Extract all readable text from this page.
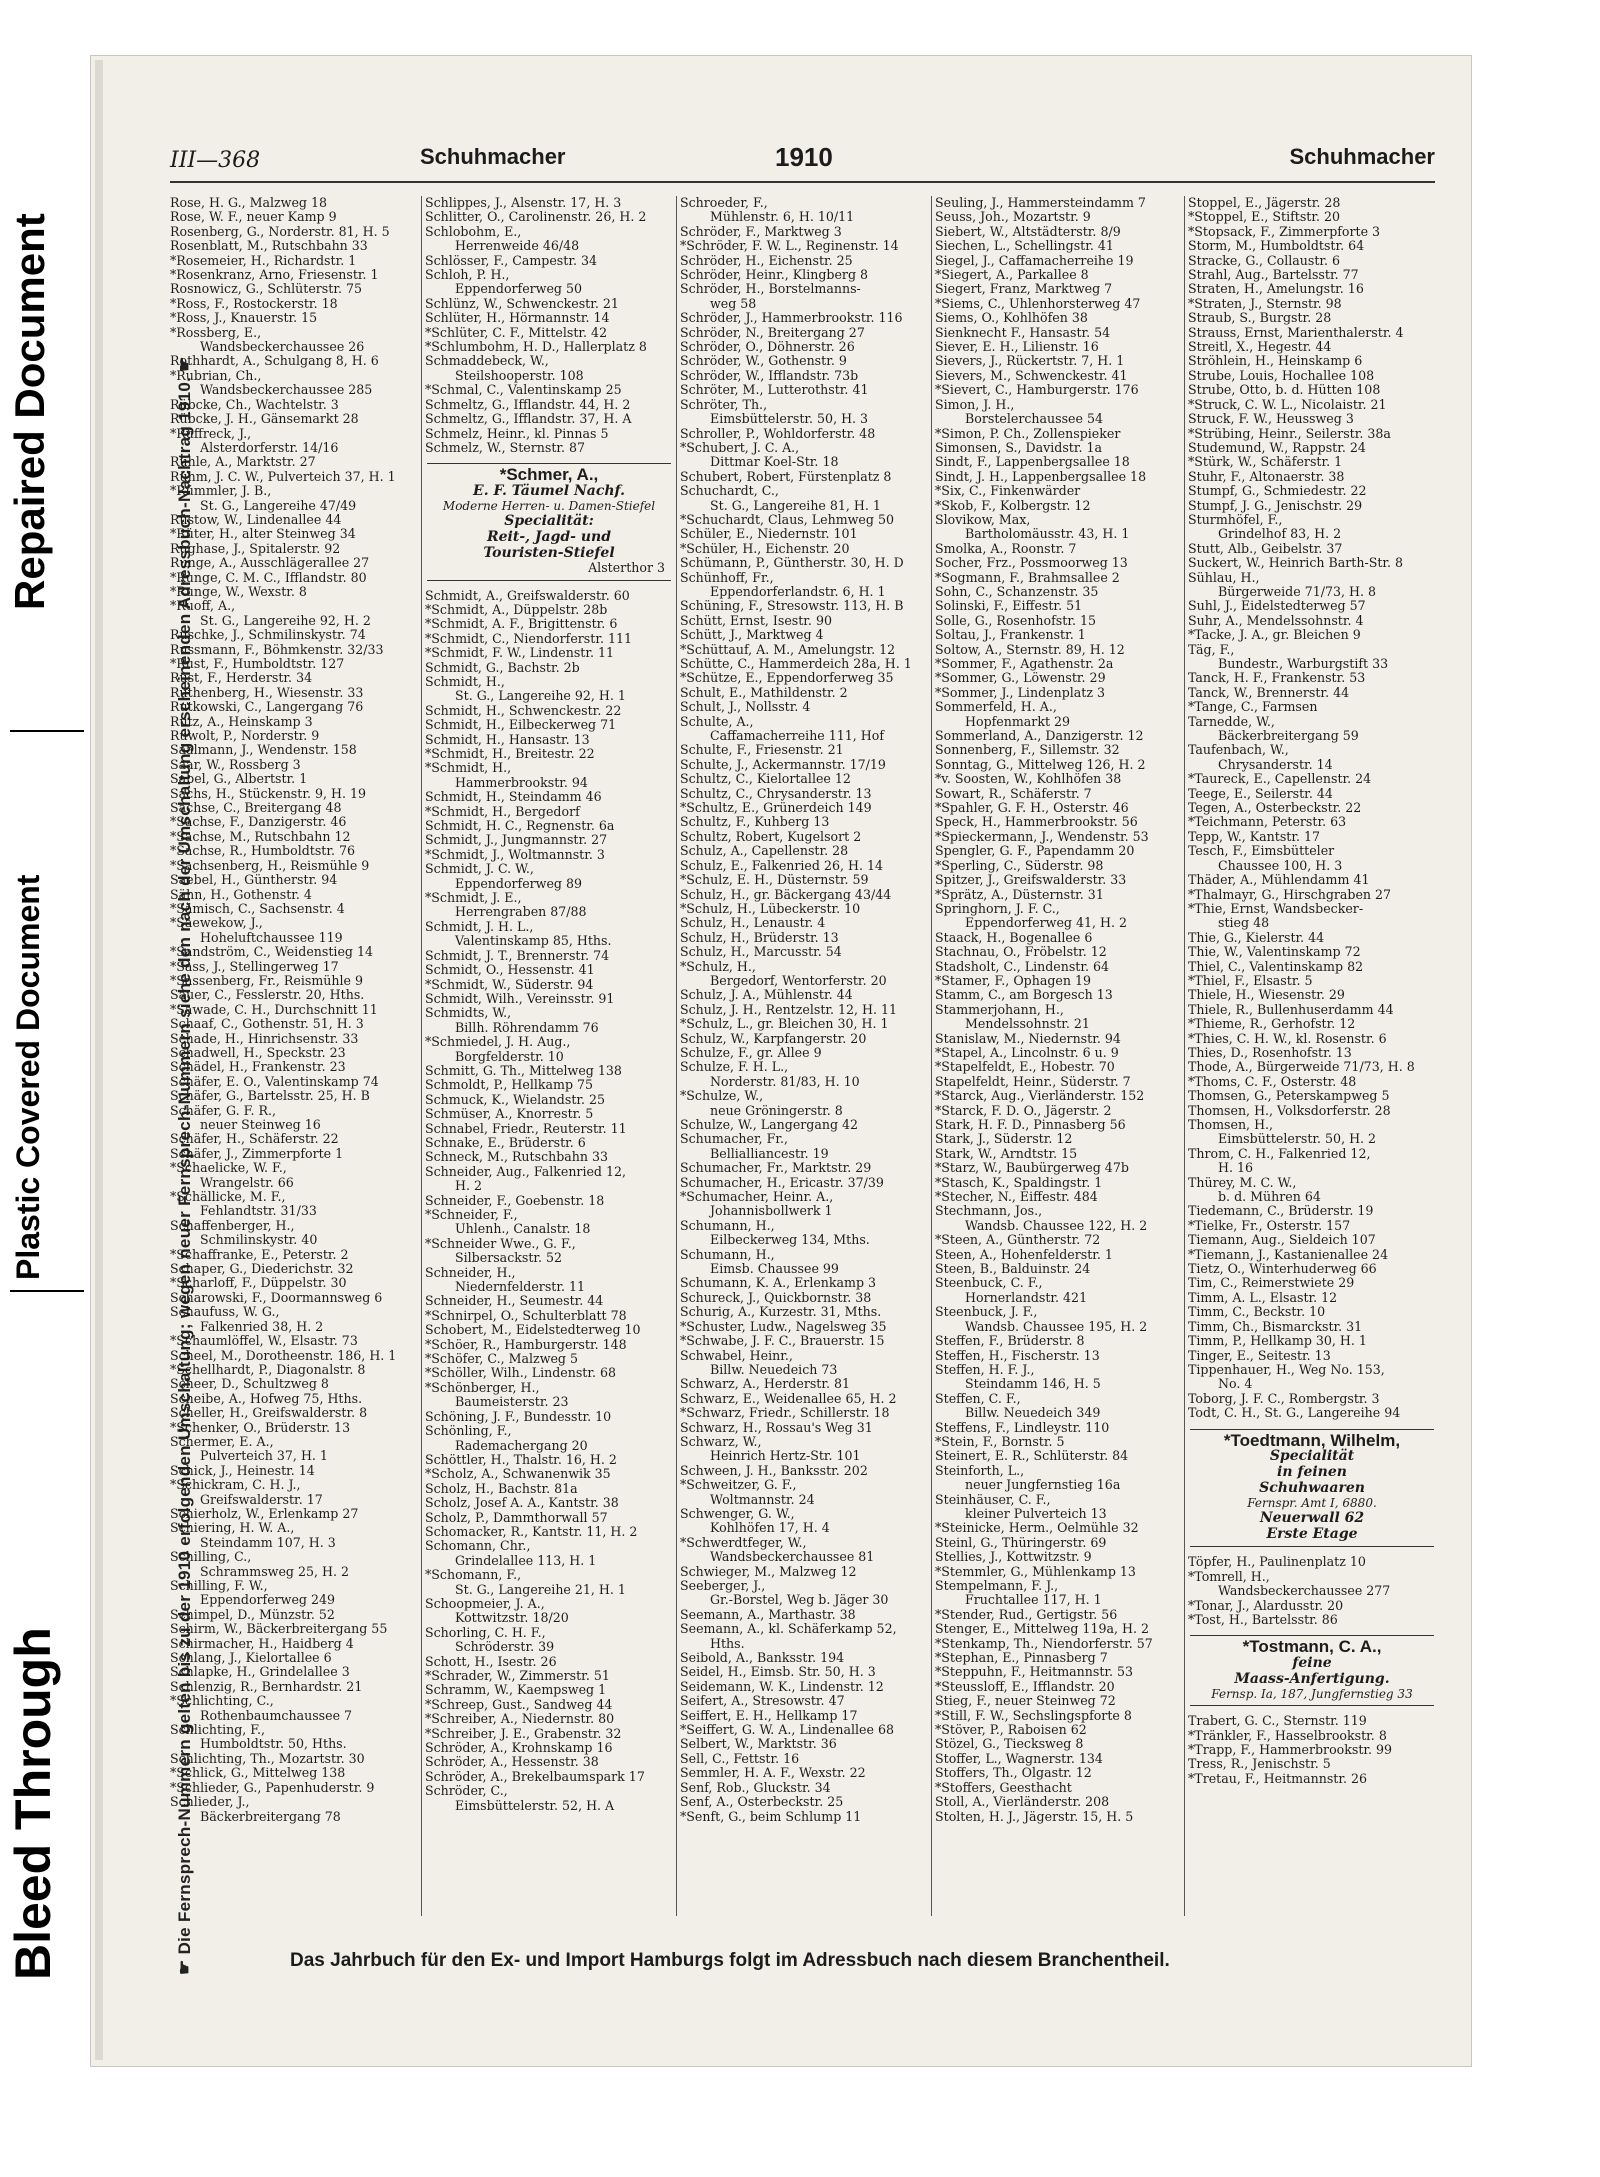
Repaired Document
Plastic Covered Document
Bleed Through	☛ Die Fernsprech-Nummern gelten bis zu der 1910 erfolgenden Umschaltung; wegen neuer Fernsprech-Nummern siehe den nach der Umschaltung erscheinenden Adressbuch-Nachtrag 1910. ☛
III—368	Schuhmacher	1910	Schuhmacher
Rose, H. G., Malzweg 18
Rose, W. F., neuer Kamp 9
Rosenberg, G., Norderstr. 81, H. 5
Rosenblatt, M., Rutschbahn 33
*Rosemeier, H., Richardstr. 1
*Rosenkranz, Arno, Friesenstr. 1
Rosnowicz, G., Schlüterstr. 75
*Ross, F., Rostockerstr. 18
*Ross, J., Knauerstr. 15
*Rossberg, E.,
Wandsbeckerchaussee 26
Rothhardt, A., Schulgang 8, H. 6
*Rubrian, Ch.,
Wandsbeckerchaussee 285
Rübcke, Ch., Wachtelstr. 3
Rübcke, J. H., Gänsemarkt 28
*Rüffreck, J.,
Alsterdorferstr. 14/16
Rühle, A., Marktstr. 27
Rühm, J. C. W., Pulverteich 37, H. 1
*Rümmler, J. B.,
St. G., Langereihe 47/49
Rüstow, W., Lindenallee 44
*Rüter, H., alter Steinweg 34
Rughase, J., Spitalerstr. 92
Runge, A., Ausschlägerallee 27
*Runge, C. M. C., Ifflandstr. 80
*Runge, W., Wexstr. 8
*Ruoff, A.,
St. G., Langereihe 92, H. 2
Ruschke, J., Schmilinskystr. 74
Russmann, F., Böhmkenstr. 32/33
*Rust, F., Humboldtstr. 127
Rust, F., Herderstr. 34
Ruthenberg, H., Wiesenstr. 33
Rutkowski, C., Langergang 76
Rutz, A., Heinskamp 3
Ruwolt, P., Norderstr. 9
Saalmann, J., Wendenstr. 158
Saar, W., Rossberg 3
Sabel, G., Albertstr. 1
Sachs, H., Stückenstr. 9, H. 19
Sachse, C., Breitergang 48
*Sachse, F., Danzigerstr. 46
*Sachse, M., Rutschbahn 12
*Sachse, R., Humboldtstr. 76
*Sachsenberg, H., Reismühle 9
Saebel, H., Güntherstr. 94
Sähn, H., Gothenstr. 4
*Sämisch, C., Sachsenstr. 4
*Saewekow, J.,
Hoheluftchaussee 119
*Sandström, C., Weidenstieg 14
*Sass, J., Stellingerweg 17
*Sassenberg, Fr., Reismühle 9
Sauer, C., Fesslerstr. 20, Hths.
*Sawade, C. H., Durchschnitt 11
Schaaf, C., Gothenstr. 51, H. 3
Schade, H., Hinrichsenstr. 33
Schadwell, H., Speckstr. 23
Schädel, H., Frankenstr. 23
Schäfer, E. O., Valentinskamp 74
Schäfer, G., Bartelsstr. 25, H. B
Schäfer, G. F. R.,
neuer Steinweg 16
Schäfer, H., Schäferstr. 22
Schäfer, J., Zimmerpforte 1
*Schaelicke, W. F.,
Wrangelstr. 66
*Schällicke, M. F.,
Fehlandtstr. 31/33
Schaffenberger, H.,
Schmilinskystr. 40
*Schaffranke, E., Peterstr. 2
Schaper, G., Diederichstr. 32
*Scharloff, F., Düppelstr. 30
Scharowski, F., Doormannsweg 6
Schaufuss, W. G.,
Falkenried 38, H. 2
*Schaumlöffel, W., Elsastr. 73
Scheel, M., Dorotheenstr. 186, H. 1
*Schellhardt, P., Diagonalstr. 8
Scheer, D., Schultzweg 8
Scheibe, A., Hofweg 75, Hths.
Scheller, H., Greifswalderstr. 8
*Schenker, O., Brüderstr. 13
Schermer, E. A.,
Pulverteich 37, H. 1
Schick, J., Heinestr. 14
*Schickram, C. H. J.,
Greifswalderstr. 17
Schierholz, W., Erlenkamp 27
Schiering, H. W. A.,
Steindamm 107, H. 3
Schilling, C.,
Schrammsweg 25, H. 2
Schilling, F. W.,
Eppendorferweg 249
Schimpel, D., Münzstr. 52
Schirm, W., Bäckerbreitergang 55
Schirmacher, H., Haidberg 4
Schlang, J., Kielortallee 6
Schlapke, H., Grindelallee 3
Schlenzig, R., Bernhardstr. 21
*Schlichting, C.,
Rothenbaumchaussee 7
Schlichting, F.,
Humboldtstr. 50, Hths.
Schlichting, Th., Mozartstr. 30
*Schlick, G., Mittelweg 138
*Schlieder, G., Papenhuderstr. 9
Schlieder, J.,
Bäckerbreitergang 78
Schlippes, J., Alsenstr. 17, H. 3
Schlitter, O., Carolinenstr. 26, H. 2
Schlobohm, E.,
Herrenweide 46/48
Schlösser, F., Campestr. 34
Schloh, P. H.,
Eppendorferweg 50
Schlünz, W., Schwenckestr. 21
Schlüter, H., Hörmannstr. 14
*Schlüter, C. F., Mittelstr. 42
*Schlumbohm, H. D., Hallerplatz 8
Schmaddebeck, W.,
Steilshooperstr. 108
*Schmal, C., Valentinskamp 25
Schmeltz, G., Ifflandstr. 44, H. 2
Schmeltz, G., Ifflandstr. 37, H. A
Schmelz, Heinr., kl. Pinnas 5
Schmelz, W., Sternstr. 87
*Schmer, A.,
E. F. Täumel Nachf.
Moderne Herren- u. Damen-Stiefel
Specialität:
Reit-, Jagd- und
Touristen-Stiefel
Alsterthor 3
Schmidt, A., Greifswalderstr. 60
*Schmidt, A., Düppelstr. 28b
*Schmidt, A. F., Brigittenstr. 6
*Schmidt, C., Niendorferstr. 111
*Schmidt, F. W., Lindenstr. 11
Schmidt, G., Bachstr. 2b
Schmidt, H.,
St. G., Langereihe 92, H. 1
Schmidt, H., Schwenckestr. 22
Schmidt, H., Eilbeckerweg 71
Schmidt, H., Hansastr. 13
*Schmidt, H., Breitestr. 22
*Schmidt, H.,
Hammerbrookstr. 94
Schmidt, H., Steindamm 46
*Schmidt, H., Bergedorf
Schmidt, H. C., Regnenstr. 6a
Schmidt, J., Jungmannstr. 27
*Schmidt, J., Woltmannstr. 3
Schmidt, J. C. W.,
Eppendorferweg 89
*Schmidt, J. E.,
Herrengraben 87/88
Schmidt, J. H. L.,
Valentinskamp 85, Hths.
Schmidt, J. T., Brennerstr. 74
Schmidt, O., Hessenstr. 41
*Schmidt, W., Süderstr. 94
Schmidt, Wilh., Vereinsstr. 91
Schmidts, W.,
Billh. Röhrendamm 76
*Schmiedel, J. H. Aug.,
Borgfelderstr. 10
Schmitt, G. Th., Mittelweg 138
Schmoldt, P., Hellkamp 75
Schmuck, K., Wielandstr. 25
Schmüser, A., Knorrestr. 5
Schnabel, Friedr., Reuterstr. 11
Schnake, E., Brüderstr. 6
Schneck, M., Rutschbahn 33
Schneider, Aug., Falkenried 12,
H. 2
Schneider, F., Goebenstr. 18
*Schneider, F.,
Uhlenh., Canalstr. 18
*Schneider Wwe., G. F.,
Silbersackstr. 52
Schneider, H.,
Niedernfelderstr. 11
Schneider, H., Seumestr. 44
*Schnirpel, O., Schulterblatt 78
Schobert, M., Eidelstedterweg 10
*Schöer, R., Hamburgerstr. 148
*Schöfer, C., Malzweg 5
*Schöller, Wilh., Lindenstr. 68
*Schönberger, H.,
Baumeisterstr. 23
Schöning, J. F., Bundesstr. 10
Schönling, F.,
Rademachergang 20
Schöttler, H., Thalstr. 16, H. 2
*Scholz, A., Schwanenwik 35
Scholz, H., Bachstr. 81a
Scholz, Josef A. A., Kantstr. 38
Scholz, P., Dammthorwall 57
Schomacker, R., Kantstr. 11, H. 2
Schomann, Chr.,
Grindelallee 113, H. 1
*Schomann, F.,
St. G., Langereihe 21, H. 1
Schoopmeier, J. A.,
Kottwitzstr. 18/20
Schorling, C. H. F.,
Schröderstr. 39
Schott, H., Isestr. 26
*Schrader, W., Zimmerstr. 51
Schramm, W., Kaempsweg 1
*Schreep, Gust., Sandweg 44
*Schreiber, A., Niedernstr. 80
*Schreiber, J. E., Grabenstr. 32
Schröder, A., Krohnskamp 16
Schröder, A., Hessenstr. 38
Schröder, A., Brekelbaumspark 17
Schröder, C.,
Eimsbüttelerstr. 52, H. A
Schroeder, F.,
Mühlenstr. 6, H. 10/11
Schröder, F., Marktweg 3
*Schröder, F. W. L., Reginenstr. 14
Schröder, H., Eichenstr. 25
Schröder, Heinr., Klingberg 8
Schröder, H., Borstelmanns-
weg 58
Schröder, J., Hammerbrookstr. 116
Schröder, N., Breitergang 27
Schröder, O., Döhnerstr. 26
Schröder, W., Gothenstr. 9
Schröder, W., Ifflandstr. 73b
Schröter, M., Lutterothstr. 41
Schröter, Th.,
Eimsbüttelerstr. 50, H. 3
Schroller, P., Wohldorferstr. 48
*Schubert, J. C. A.,
Dittmar Koel-Str. 18
Schubert, Robert, Fürstenplatz 8
Schuchardt, C.,
St. G., Langereihe 81, H. 1
*Schuchardt, Claus, Lehmweg 50
Schüler, E., Niedernstr. 101
*Schüler, H., Eichenstr. 20
Schümann, P., Güntherstr. 30, H. D
Schünhoff, Fr.,
Eppendorferlandstr. 6, H. 1
Schüning, F., Stresowstr. 113, H. B
Schütt, Ernst, Isestr. 90
Schütt, J., Marktweg 4
*Schüttauf, A. M., Amelungstr. 12
Schütte, C., Hammerdeich 28a, H. 1
*Schütze, E., Eppendorferweg 35
Schult, E., Mathildenstr. 2
Schult, J., Nollsstr. 4
Schulte, A.,
Caffamacherreihe 111, Hof
Schulte, F., Friesenstr. 21
Schulte, J., Ackermannstr. 17/19
Schultz, C., Kielortallee 12
Schultz, C., Chrysanderstr. 13
*Schultz, E., Grünerdeich 149
Schultz, F., Kuhberg 13
Schultz, Robert, Kugelsort 2
Schulz, A., Capellenstr. 28
Schulz, E., Falkenried 26, H. 14
*Schulz, E. H., Düsternstr. 59
Schulz, H., gr. Bäckergang 43/44
*Schulz, H., Lübeckerstr. 10
Schulz, H., Lenaustr. 4
Schulz, H., Brüderstr. 13
Schulz, H., Marcusstr. 54
*Schulz, H.,
Bergedorf, Wentorferstr. 20
Schulz, J. A., Mühlenstr. 44
Schulz, J. H., Rentzelstr. 12, H. 11
*Schulz, L., gr. Bleichen 30, H. 1
Schulz, W., Karpfangerstr. 20
Schulze, F., gr. Allee 9
Schulze, F. H. L.,
Norderstr. 81/83, H. 10
*Schulze, W.,
neue Gröningerstr. 8
Schulze, W., Langergang 42
Schumacher, Fr.,
Bellialliancestr. 19
Schumacher, Fr., Marktstr. 29
Schumacher, H., Ericastr. 37/39
*Schumacher, Heinr. A.,
Johannisbollwerk 1
Schumann, H.,
Eilbeckerweg 134, Mths.
Schumann, H.,
Eimsb. Chaussee 99
Schumann, K. A., Erlenkamp 3
Schureck, J., Quickbornstr. 38
Schurig, A., Kurzestr. 31, Mths.
*Schuster, Ludw., Nagelsweg 35
*Schwabe, J. F. C., Brauerstr. 15
Schwabel, Heinr.,
Billw. Neuedeich 73
Schwarz, A., Herderstr. 81
Schwarz, E., Weidenallee 65, H. 2
*Schwarz, Friedr., Schillerstr. 18
Schwarz, H., Rossau's Weg 31
Schwarz, W.,
Heinrich Hertz-Str. 101
Schween, J. H., Banksstr. 202
*Schweitzer, G. F.,
Woltmannstr. 24
Schwenger, G. W.,
Kohlhöfen 17, H. 4
*Schwerdtfeger, W.,
Wandsbeckerchaussee 81
Schwieger, M., Malzweg 12
Seeberger, J.,
Gr.-Borstel, Weg b. Jäger 30
Seemann, A., Marthastr. 38
Seemann, A., kl. Schäferkamp 52,
Hths.
Seibold, A., Banksstr. 194
Seidel, H., Eimsb. Str. 50, H. 3
Seidemann, W. K., Lindenstr. 12
Seifert, A., Stresowstr. 47
Seiffert, E. H., Hellkamp 17
*Seiffert, G. W. A., Lindenallee 68
Selbert, W., Marktstr. 36
Sell, C., Fettstr. 16
Semmler, H. A. F., Wexstr. 22
Senf, Rob., Gluckstr. 34
Senf, A., Osterbeckstr. 25
*Senft, G., beim Schlump 11
Seuling, J., Hammersteindamm 7
Seuss, Joh., Mozartstr. 9
Siebert, W., Altstädterstr. 8/9
Siechen, L., Schellingstr. 41
Siegel, J., Caffamacherreihe 19
*Siegert, A., Parkallee 8
Siegert, Franz, Marktweg 7
*Siems, C., Uhlenhorsterweg 47
Siems, O., Kohlhöfen 38
Sienknecht F., Hansastr. 54
Siever, E. H., Lilienstr. 16
Sievers, J., Rückertstr. 7, H. 1
Sievers, M., Schwenckestr. 41
*Sievert, C., Hamburgerstr. 176
Simon, J. H.,
Borstelerchaussee 54
*Simon, P. Ch., Zollenspieker
Simonsen, S., Davidstr. 1a
Sindt, F., Lappenbergsallee 18
Sindt, J. H., Lappenbergsallee 18
*Six, C., Finkenwärder
*Skob, F., Kolbergstr. 12
Slovikow, Max,
Bartholomäusstr. 43, H. 1
Smolka, A., Roonstr. 7
Socher, Frz., Possmoorweg 13
*Sogmann, F., Brahmsallee 2
Sohn, C., Schanzenstr. 35
Solinski, F., Eiffestr. 51
Solle, G., Rosenhofstr. 15
Soltau, J., Frankenstr. 1
Soltow, A., Sternstr. 89, H. 12
*Sommer, F., Agathenstr. 2a
*Sommer, G., Löwenstr. 29
*Sommer, J., Lindenplatz 3
Sommerfeld, H. A.,
Hopfenmarkt 29
Sommerland, A., Danzigerstr. 12
Sonnenberg, F., Sillemstr. 32
Sonntag, G., Mittelweg 126, H. 2
*v. Soosten, W., Kohlhöfen 38
Sowart, R., Schäferstr. 7
*Spahler, G. F. H., Osterstr. 46
Speck, H., Hammerbrookstr. 56
*Spieckermann, J., Wendenstr. 53
Spengler, G. F., Papendamm 20
*Sperling, C., Süderstr. 98
Spitzer, J., Greifswalderstr. 33
*Sprätz, A., Düsternstr. 31
Springhorn, J. F. C.,
Eppendorferweg 41, H. 2
Staack, H., Bogenallee 6
Stachnau, O., Fröbelstr. 12
Stadsholt, C., Lindenstr. 64
*Stamer, F., Ophagen 19
Stamm, C., am Borgesch 13
Stammerjohann, H.,
Mendelssohnstr. 21
Stanislaw, M., Niedernstr. 94
*Stapel, A., Lincolnstr. 6 u. 9
*Stapelfeldt, E., Hobestr. 70
Stapelfeldt, Heinr., Süderstr. 7
*Starck, Aug., Vierländerstr. 152
*Starck, F. D. O., Jägerstr. 2
Stark, H. F. D., Pinnasberg 56
Stark, J., Süderstr. 12
Stark, W., Arndtstr. 15
*Starz, W., Baubürgerweg 47b
*Stasch, K., Spaldingstr. 1
*Stecher, N., Eiffestr. 484
Stechmann, Jos.,
Wandsb. Chaussee 122, H. 2
*Steen, A., Güntherstr. 72
Steen, A., Hohenfelderstr. 1
Steen, B., Balduinstr. 24
Steenbuck, C. F.,
Hornerlandstr. 421
Steenbuck, J. F.,
Wandsb. Chaussee 195, H. 2
Steffen, F., Brüderstr. 8
Steffen, H., Fischerstr. 13
Steffen, H. F. J.,
Steindamm 146, H. 5
Steffen, C. F.,
Billw. Neuedeich 349
Steffens, F., Lindleystr. 110
*Stein, F., Bornstr. 5
Steinert, E. R., Schlüterstr. 84
Steinforth, L.,
neuer Jungfernstieg 16a
Steinhäuser, C. F.,
kleiner Pulverteich 13
*Steinicke, Herm., Oelmühle 32
Steinl, G., Thüringerstr. 69
Stellies, J., Kottwitzstr. 9
*Stemmler, G., Mühlenkamp 13
Stempelmann, F. J.,
Fruchtallee 117, H. 1
*Stender, Rud., Gertigstr. 56
Stenger, E., Mittelweg 119a, H. 2
*Stenkamp, Th., Niendorferstr. 57
*Stephan, E., Pinnasberg 7
*Steppuhn, F., Heitmannstr. 53
*Steussloff, E., Ifflandstr. 20
Stieg, F., neuer Steinweg 72
*Still, F. W., Sechslingspforte 8
*Stöver, P., Raboisen 62
Stözel, G., Tiecksweg 8
Stoffer, L., Wagnerstr. 134
Stoffers, Th., Olgastr. 12
*Stoffers, Geesthacht
Stoll, A., Vierländerstr. 208
Stolten, H. J., Jägerstr. 15, H. 5
Stoppel, E., Jägerstr. 28
*Stoppel, E., Stiftstr. 20
*Stopsack, F., Zimmerpforte 3
Storm, M., Humboldtstr. 64
Stracke, G., Collaustr. 6
Strahl, Aug., Bartelsstr. 77
Straten, H., Amelungstr. 16
*Straten, J., Sternstr. 98
Straub, S., Burgstr. 28
Strauss, Ernst, Marienthalerstr. 4
Streitl, X., Hegestr. 44
Ströhlein, H., Heinskamp 6
Strube, Louis, Hochallee 108
Strube, Otto, b. d. Hütten 108
*Struck, C. W. L., Nicolaistr. 21
Struck, F. W., Heussweg 3
*Strübing, Heinr., Seilerstr. 38a
Studemund, W., Rappstr. 24
*Stürk, W., Schäferstr. 1
Stuhr, F., Altonaerstr. 38
Stumpf, G., Schmiedestr. 22
Stumpf, J. G., Jenischstr. 29
Sturmhöfel, F.,
Grindelhof 83, H. 2
Stutt, Alb., Geibelstr. 37
Suckert, W., Heinrich Barth-Str. 8
Sühlau, H.,
Bürgerweide 71/73, H. 8
Suhl, J., Eidelstedterweg 57
Suhr, A., Mendelssohnstr. 4
*Tacke, J. A., gr. Bleichen 9
Täg, F.,
Bundestr., Warburgstift 33
Tanck, H. F., Frankenstr. 53
Tanck, W., Brennerstr. 44
*Tange, C., Farmsen
Tarnedde, W.,
Bäckerbreitergang 59
Taufenbach, W.,
Chrysanderstr. 14
*Taureck, E., Capellenstr. 24
Teege, E., Seilerstr. 44
Tegen, A., Osterbeckstr. 22
*Teichmann, Peterstr. 63
Tepp, W., Kantstr. 17
Tesch, F., Eimsbütteler
Chaussee 100, H. 3
Thäder, A., Mühlendamm 41
*Thalmayr, G., Hirschgraben 27
*Thie, Ernst, Wandsbecker-
stieg 48
Thie, G., Kielerstr. 44
Thie, W., Valentinskamp 72
Thiel, C., Valentinskamp 82
*Thiel, F., Elsastr. 5
Thiele, H., Wiesenstr. 29
Thiele, R., Bullenhuserdamm 44
*Thieme, R., Gerhofstr. 12
*Thies, C. H. W., kl. Rosenstr. 6
Thies, D., Rosenhofstr. 13
Thode, A., Bürgerweide 71/73, H. 8
*Thoms, C. F., Osterstr. 48
Thomsen, G., Peterskampweg 5
Thomsen, H., Volksdorferstr. 28
Thomsen, H.,
Eimsbüttelerstr. 50, H. 2
Throm, C. H., Falkenried 12,
H. 16
Thürey, M. C. W.,
b. d. Mühren 64
Tiedemann, C., Brüderstr. 19
*Tielke, Fr., Osterstr. 157
Tiemann, Aug., Sieldeich 107
*Tiemann, J., Kastanienallee 24
Tietz, O., Winterhuderweg 66
Tim, C., Reimerstwiete 29
Timm, A. L., Elsastr. 12
Timm, C., Beckstr. 10
Timm, Ch., Bismarckstr. 31
Timm, P., Hellkamp 30, H. 1
Tinger, E., Seitestr. 13
Tippenhauer, H., Weg No. 153,
No. 4
Toborg, J. F. C., Rombergstr. 3
Todt, C. H., St. G., Langereihe 94
*Toedtmann, Wilhelm,
Specialität
in feinen
Schuhwaaren
Fernspr. Amt I, 6880.
Neuerwall 62
Erste Etage
Töpfer, H., Paulinenplatz 10
*Tomrell, H.,
Wandsbeckerchaussee 277
*Tonar, J., Alardusstr. 20
*Tost, H., Bartelsstr. 86
*Tostmann, C. A.,
feine
Maass-Anfertigung.
Fernsp. Ia, 187, Jungfernstieg 33
Trabert, G. C., Sternstr. 119
*Tränkler, F., Hasselbrookstr. 8
*Trapp, F., Hammerbrookstr. 99
Tress, R., Jenischstr. 5
*Tretau, F., Heitmannstr. 26
Das Jahrbuch für den Ex- und Import Hamburgs folgt im Adressbuch nach diesem Branchentheil.
